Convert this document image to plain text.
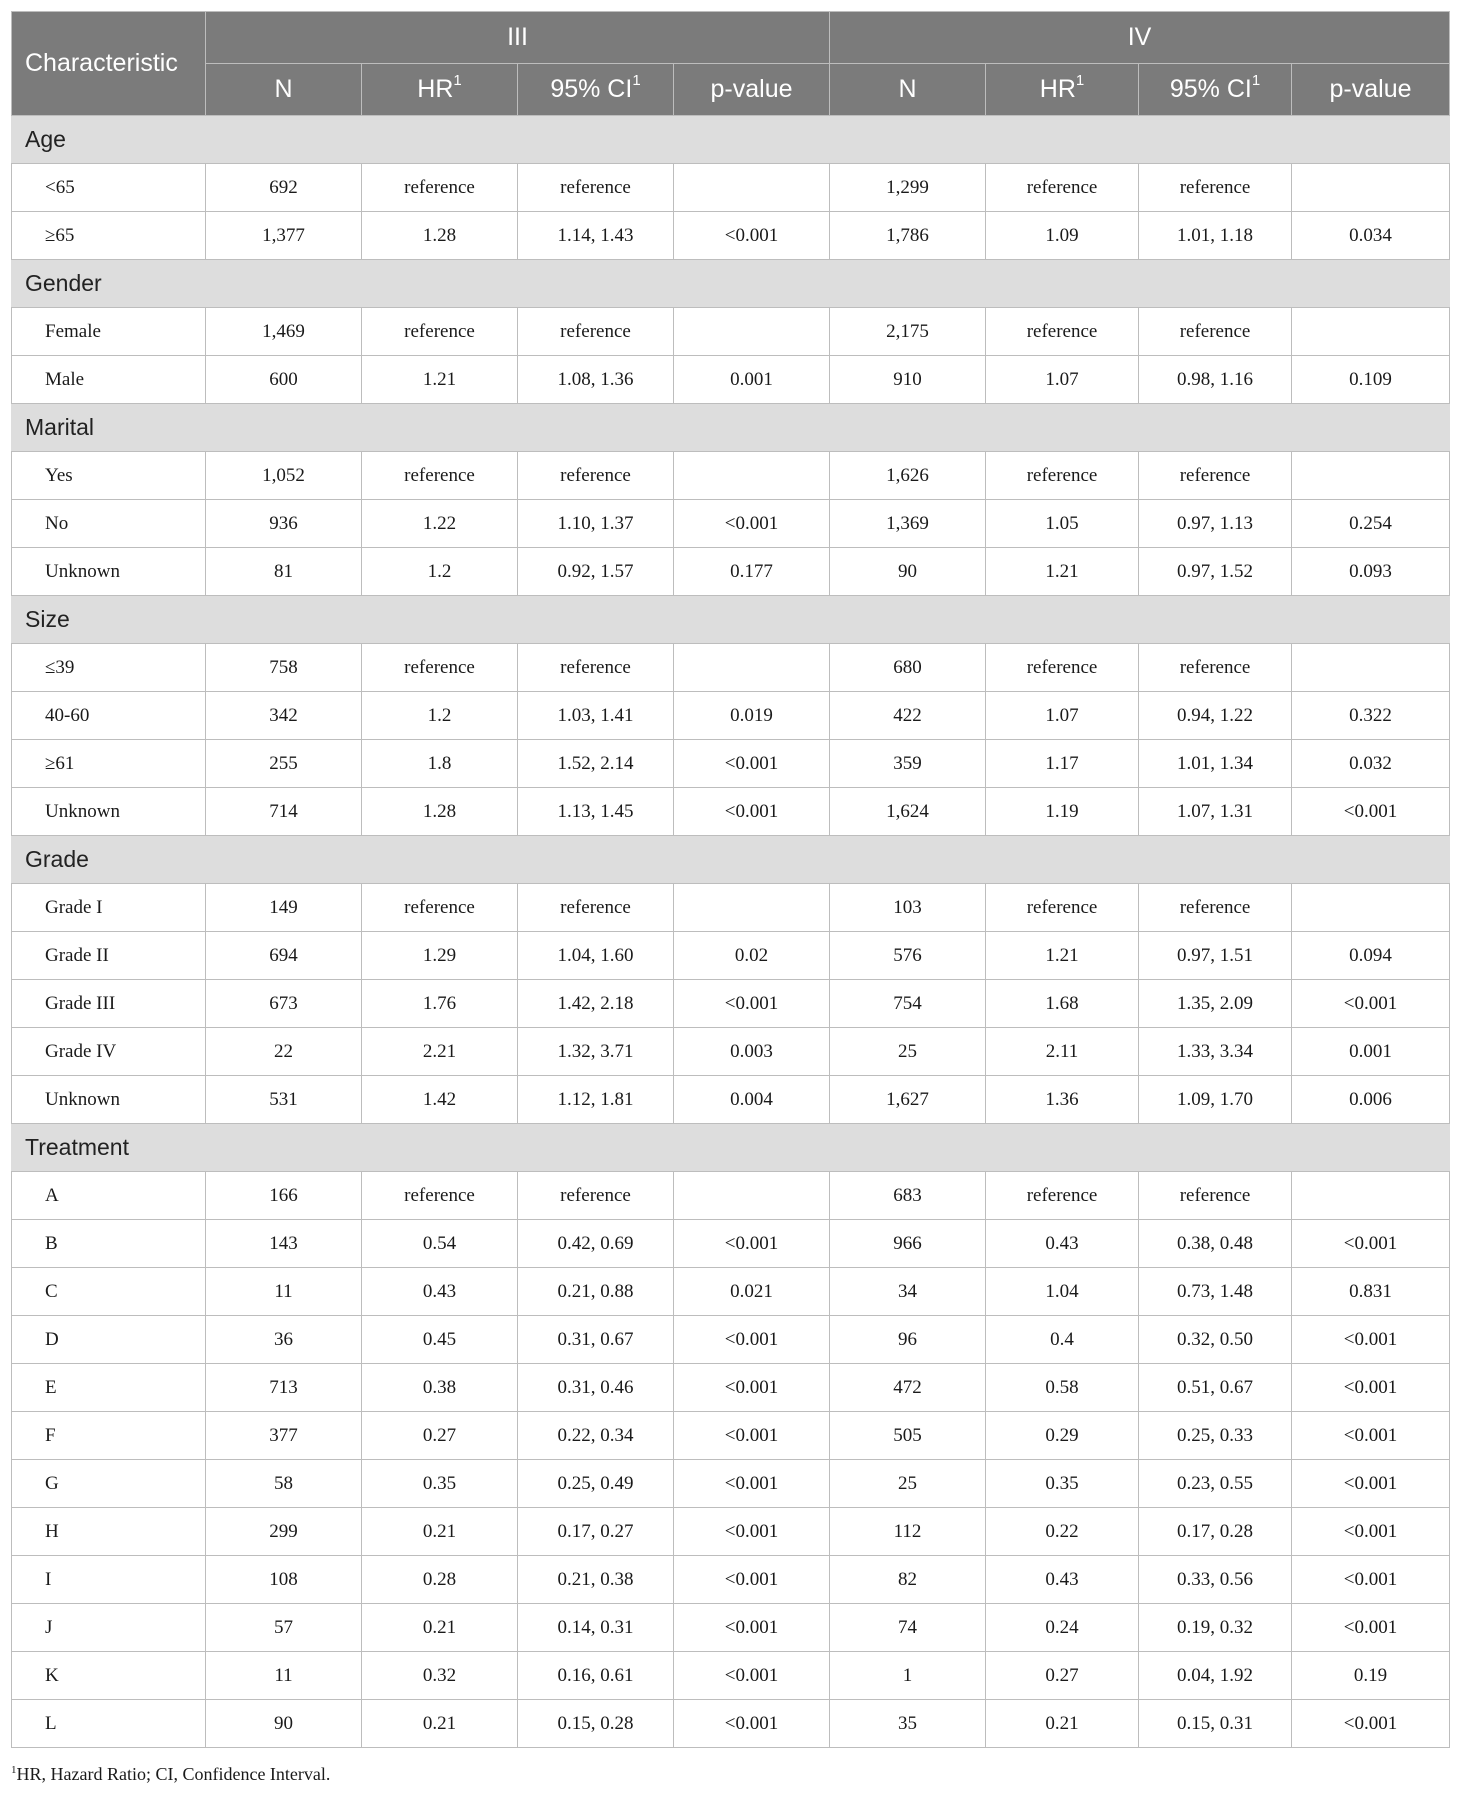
Characteristic	III				IV			
	N	$HR^1$	95% $CI^1$	p-value	N	$HR^1$	95% $CI^1$	p-value
Age								
<65	692	reference	reference		1,299	reference	reference	
≥65	1,377	1.28	1.14, 1.43	<0.001	1,786	1.09	1.01, 1.18	0.034
Gender								
Female	1,469	reference	reference		2,175	reference	reference	
Male	600	1.21	1.08, 1.36	0.001	910	1.07	0.98, 1.16	0.109
Marital								
Yes	1,052	reference	reference		1,626	reference	reference	
No	936	1.22	1.10, 1.37	<0.001	1,369	1.05	0.97, 1.13	0.254
Unknown	81	1.2	0.92, 1.57	0.177	90	1.21	0.97, 1.52	0.093
Size								
≤39	758	reference	reference		680	reference	reference	
40-60	342	1.2	1.03, 1.41	0.019	422	1.07	0.94, 1.22	0.322
≥61	255	1.8	1.52, 2.14	<0.001	359	1.17	1.01, 1.34	0.032
Unknown	714	1.28	1.13, 1.45	<0.001	1,624	1.19	1.07, 1.31	<0.001
Grade								
Grade I	149	reference	reference		103	reference	reference	
Grade II	694	1.29	1.04, 1.60	0.02	576	1.21	0.97, 1.51	0.094
Grade III	673	1.76	1.42, 2.18	<0.001	754	1.68	1.35, 2.09	<0.001
Grade IV	22	2.21	1.32, 3.71	0.003	25	2.11	1.33, 3.34	0.001
Unknown	531	1.42	1.12, 1.81	0.004	1,627	1.36	1.09, 1.70	0.006
Treatment								
A	166	reference	reference		683	reference	reference	
B	143	0.54	0.42, 0.69	<0.001	966	0.43	0.38, 0.48	<0.001
C	11	0.43	0.21, 0.88	0.021	34	1.04	0.73, 1.48	0.831
D	36	0.45	0.31, 0.67	<0.001	96	0.4	0.32, 0.50	<0.001
E	713	0.38	0.31, 0.46	<0.001	472	0.58	0.51, 0.67	<0.001
F	377	0.27	0.22, 0.34	<0.001	505	0.29	0.25, 0.33	<0.001
G	58	0.35	0.25, 0.49	<0.001	25	0.35	0.23, 0.55	<0.001
H	299	0.21	0.17, 0.27	<0.001	112	0.22	0.17, 0.28	<0.001
I	108	0.28	0.21, 0.38	<0.001	82	0.43	0.33, 0.56	<0.001
J	57	0.21	0.14, 0.31	<0.001	74	0.24	0.19, 0.32	<0.001
K	11	0.32	0.16, 0.61	<0.001	1	0.27	0.04, 1.92	0.19
L	90	0.21	0.15, 0.28	<0.001	35	0.21	0.15, 0.31	<0.001
$^1$HR, Hazard Ratio; CI, Confidence Interval.
